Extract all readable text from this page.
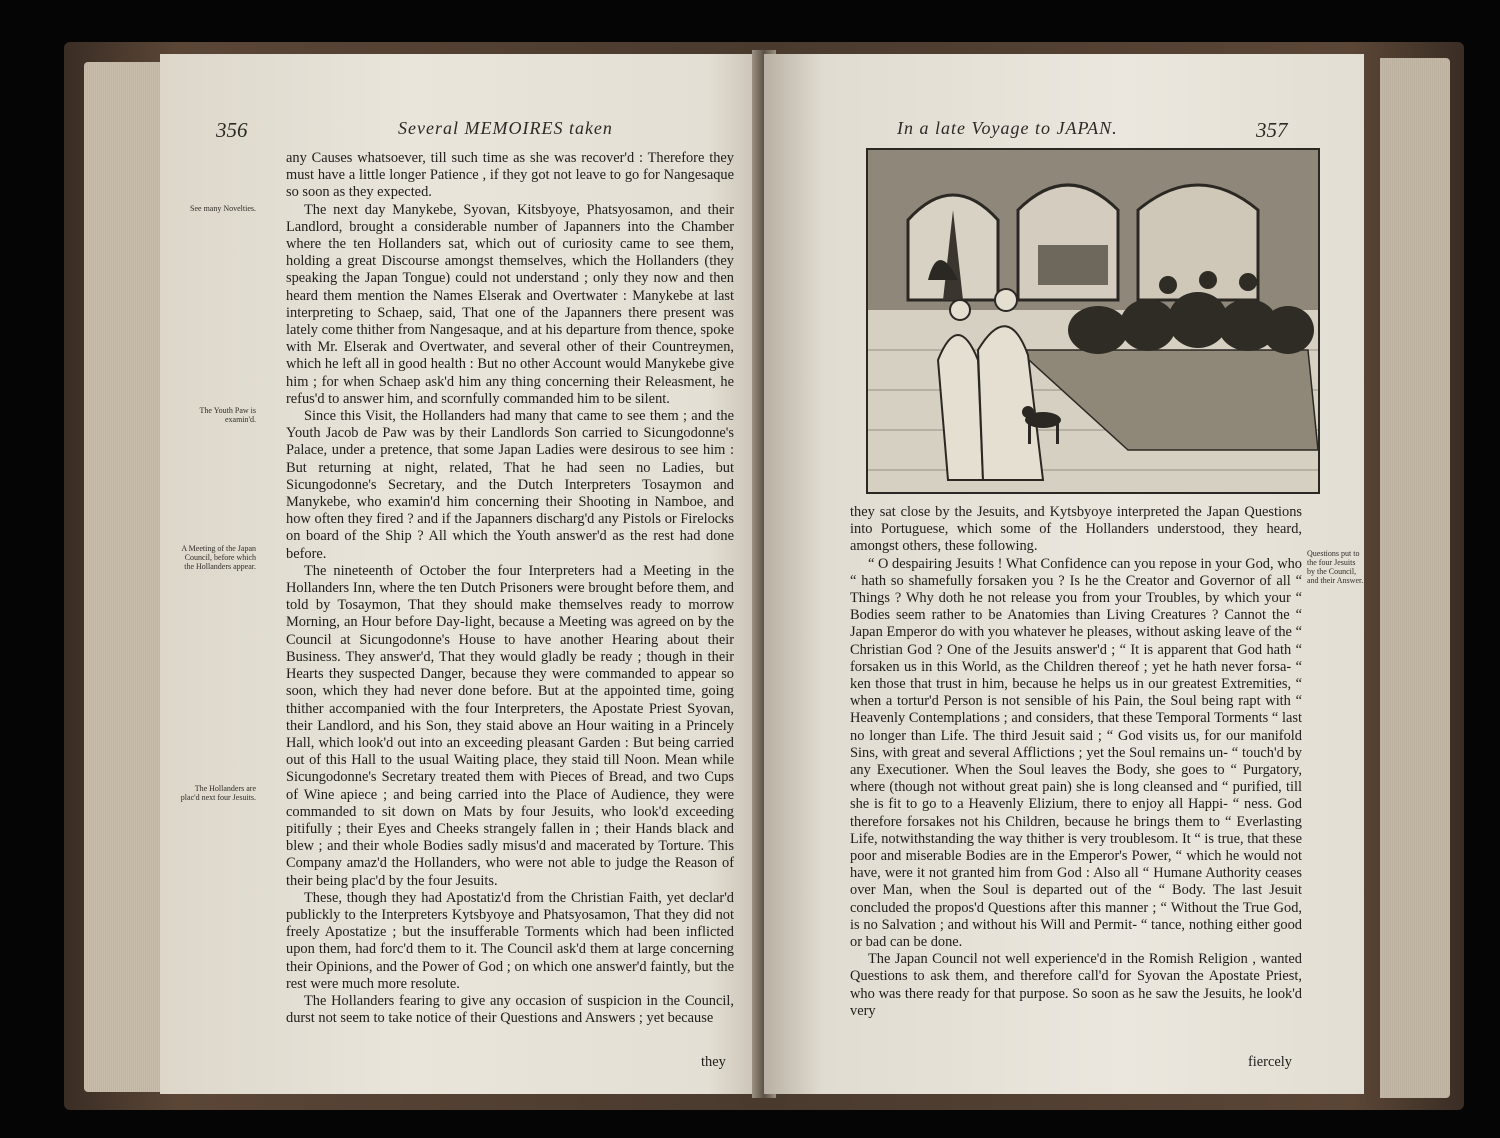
356	Several MEMOIRES taken
See many Novelties.
The Youth Paw is examin'd.
A Meeting of the Japan Council, before which the Hollanders appear.
The Hollanders are plac'd next four Jesuits.

any Causes whatsoever, till such time as she was recover'd : Therefore they must have a little longer Patience , if they got not leave to go for Nangesaque so soon as they expected.

The next day Manykebe, Syovan, Kitsbyoye, Phatsyosamon, and their Landlord, brought a considerable number of Japanners into the Chamber where the ten Hollanders sat, which out of curiosity came to see them, holding a great Discourse amongst themselves, which the Hollanders (they speaking the Japan Tongue) could not understand ; only they now and then heard them mention the Names Elserak and Overtwater : Manykebe at last interpreting to Schaep, said, That one of the Japanners there present was lately come thither from Nangesaque, and at his departure from thence, spoke with Mr. Elserak and Overtwater, and several other of their Countreymen, which he left all in good health : But no other Account would Manykebe give him ; for when Schaep ask'd him any thing concerning their Releasment, he refus'd to answer him, and scornfully commanded him to be silent.

Since this Visit, the Hollanders had many that came to see them ; and the Youth Jacob de Paw was by their Landlords Son carried to Sicungodonne's Palace, under a pretence, that some Japan Ladies were desirous to see him : But returning at night, related, That he had seen no Ladies, but Sicungodonne's Secretary, and the Dutch Interpreters Tosaymon and Manykebe, who examin'd him concerning their Shooting in Namboe, and how often they fired ? and if the Japanners discharg'd any Pistols or Firelocks on board of the Ship ? All which the Youth answer'd as the rest had done before.

The nineteenth of October the four Interpreters had a Meeting in the Hollanders Inn, where the ten Dutch Prisoners were brought before them, and told by Tosaymon, That they should make themselves ready to morrow Morning, an Hour before Day-light, because a Meeting was agreed on by the Council at Sicungodonne's House to have another Hearing about their Business. They answer'd, That they would gladly be ready ; though in their Hearts they suspected Danger, because they were commanded to appear so soon, which they had never done before. But at the appointed time, going thither accompanied with the four Interpreters, the Apostate Priest Syovan, their Landlord, and his Son, they staid above an Hour waiting in a Princely Hall, which look'd out into an exceeding pleasant Garden : But being carried out of this Hall to the usual Waiting place, they staid till Noon. Mean while Sicungodonne's Secretary treated them with Pieces of Bread, and two Cups of Wine apiece ; and being carried into the Place of Audience, they were commanded to sit down on Mats by four Jesuits, who look'd exceeding pitifully ; their Eyes and Cheeks strangely fallen in ; their Hands black and blew ; and their whole Bodies sadly misus'd and macerated by Torture. This Company amaz'd the Hollanders, who were not able to judge the Reason of their being plac'd by the four Jesuits.

These, though they had Apostatiz'd from the Christian Faith, yet declar'd publickly to the Interpreters Kytsbyoye and Phatsyosamon, That they did not freely Apostatize ; but the insufferable Torments which had been inflicted upon them, had forc'd them to it. The Council ask'd them at large concerning their Opinions, and the Power of God ; on which one answer'd faintly, but the rest were much more resolute.

The Hollanders fearing to give any occasion of suspicion in the Council, durst not seem to take notice of their Questions and Answers ; yet because

they
In a late Voyage to JAPAN.	357
Questions put to the four Jesuits by the Council, and their Answer.

they sat close by the Jesuits, and Kytsbyoye interpreted the Japan Questions into Portuguese, which some of the Hollanders understood, they heard, amongst others, these following.

“ O despairing Jesuits ! What Confidence can you repose in your God, who “ hath so shamefully forsaken you ? Is he the Creator and Governor of all “ Things ? Why doth he not release you from your Troubles, by which your “ Bodies seem rather to be Anatomies than Living Creatures ? Cannot the “ Japan Emperor do with you whatever he pleases, without asking leave of the “ Christian God ? One of the Jesuits answer'd ; “ It is apparent that God hath “ forsaken us in this World, as the Children thereof ; yet he hath never forsa- “ ken those that trust in him, because he helps us in our greatest Extremities, “ when a tortur'd Person is not sensible of his Pain, the Soul being rapt with “ Heavenly Contemplations ; and considers, that these Temporal Torments “ last no longer than Life. The third Jesuit said ; “ God visits us, for our manifold Sins, with great and several Afflictions ; yet the Soul remains un- “ touch'd by any Executioner. When the Soul leaves the Body, she goes to “ Purgatory, where (though not without great pain) she is long cleansed and “ purified, till she is fit to go to a Heavenly Elizium, there to enjoy all Happi- “ ness. God therefore forsakes not his Children, because he brings them to “ Everlasting Life, notwithstanding the way thither is very troublesom. It “ is true, that these poor and miserable Bodies are in the Emperor's Power, “ which he would not have, were it not granted him from God : Also all “ Humane Authority ceases over Man, when the Soul is departed out of the “ Body. The last Jesuit concluded the propos'd Questions after this manner ; “ Without the True God, is no Salvation ; and without his Will and Permit- “ tance, nothing either good or bad can be done.

The Japan Council not well experience'd in the Romish Religion , wanted Questions to ask them, and therefore call'd for Syovan the Apostate Priest, who was there ready for that purpose. So soon as he saw the Jesuits, he look'd very

fiercely
